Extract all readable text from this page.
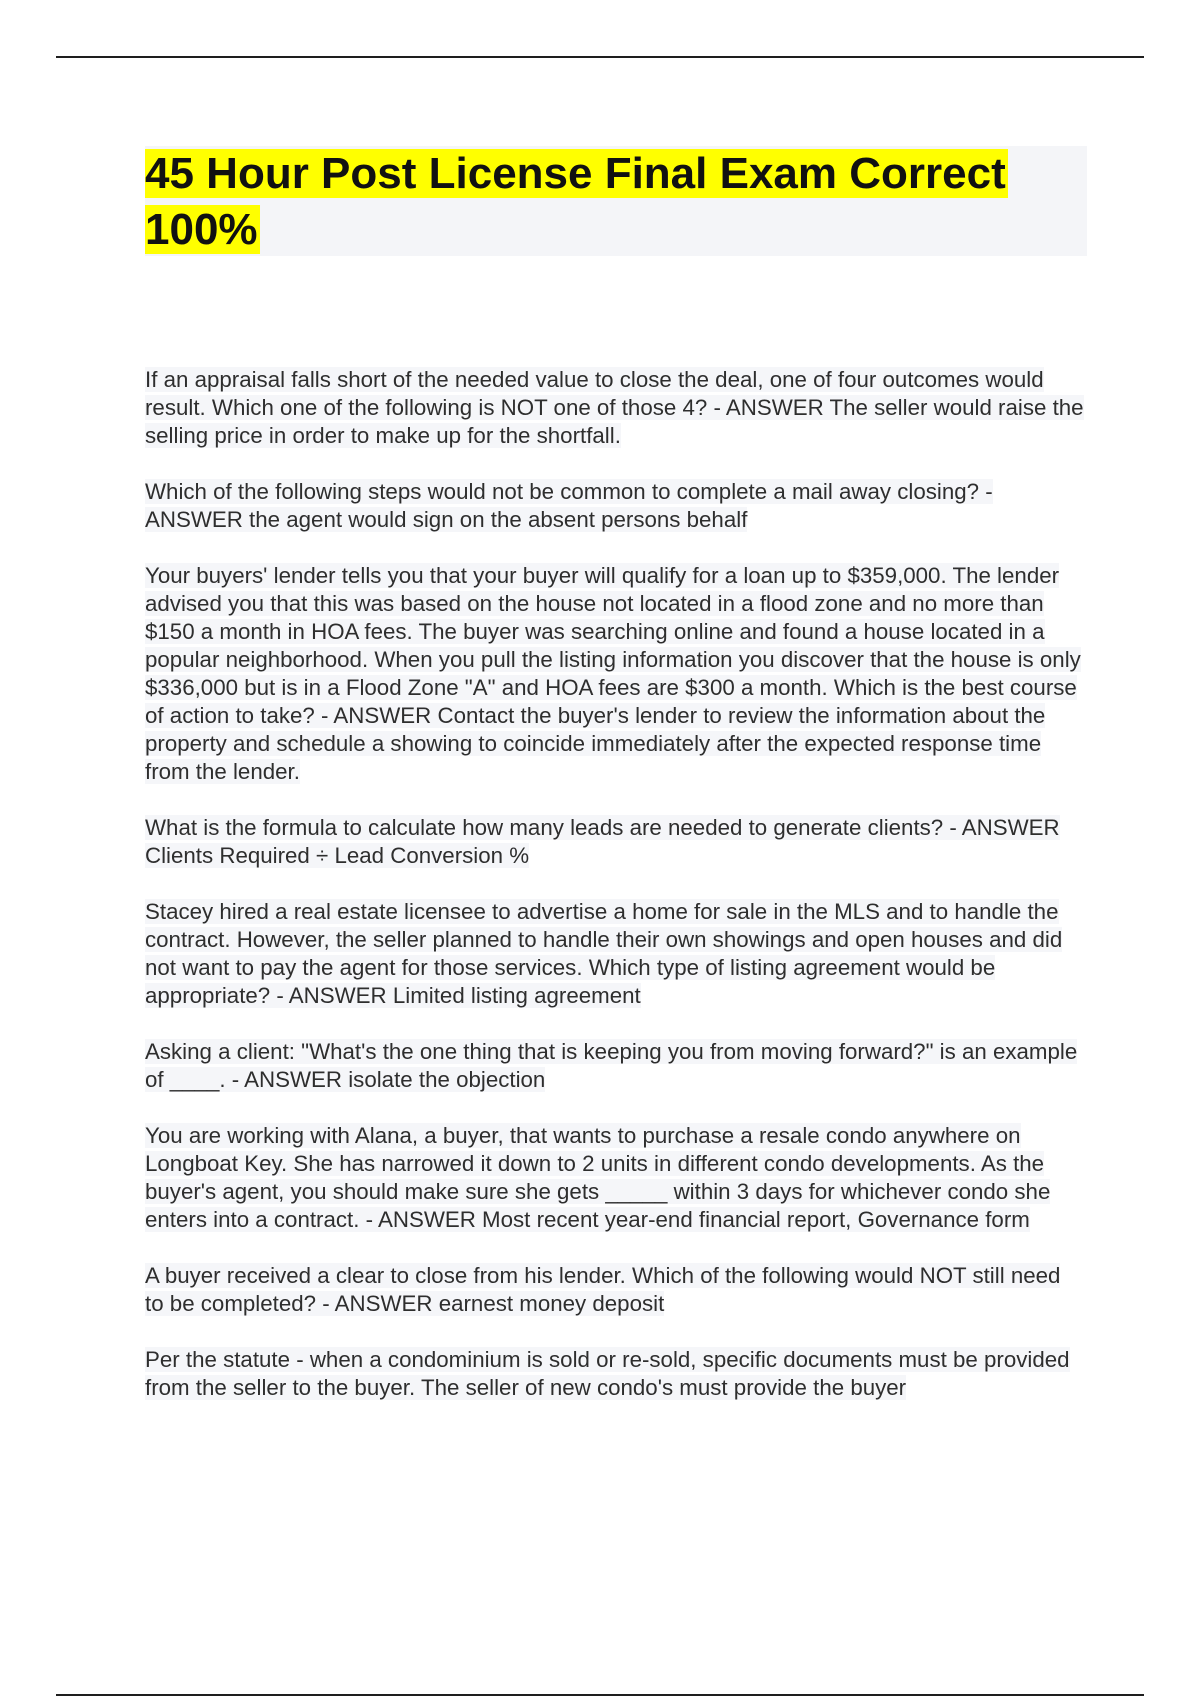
45 Hour Post License Final Exam Correct 100%

If an appraisal falls short of the needed value to close the deal, one of four outcomes would result. Which one of the following is NOT one of those 4? - ANSWER The seller would raise the selling price in order to make up for the shortfall.

Which of the following steps would not be common to complete a mail away closing? - ANSWER the agent would sign on the absent persons behalf

Your buyers' lender tells you that your buyer will qualify for a loan up to $359,000. The lender advised you that this was based on the house not located in a flood zone and no more than $150 a month in HOA fees. The buyer was searching online and found a house located in a popular neighborhood. When you pull the listing information you discover that the house is only $336,000 but is in a Flood Zone "A" and HOA fees are $300 a month. Which is the best course of action to take? - ANSWER Contact the buyer's lender to review the information about the property and schedule a showing to coincide immediately after the expected response time from the lender.

What is the formula to calculate how many leads are needed to generate clients? - ANSWER Clients Required ÷ Lead Conversion %

Stacey hired a real estate licensee to advertise a home for sale in the MLS and to handle the contract. However, the seller planned to handle their own showings and open houses and did not want to pay the agent for those services. Which type of listing agreement would be appropriate? - ANSWER Limited listing agreement

Asking a client: "What's the one thing that is keeping you from moving forward?" is an example of ____. - ANSWER isolate the objection

You are working with Alana, a buyer, that wants to purchase a resale condo anywhere on Longboat Key. She has narrowed it down to 2 units in different condo developments. As the buyer's agent, you should make sure she gets _____ within 3 days for whichever condo she enters into a contract. - ANSWER Most recent year-end financial report, Governance form

A buyer received a clear to close from his lender. Which of the following would NOT still need to be completed? - ANSWER earnest money deposit

Per the statute - when a condominium is sold or re-sold, specific documents must be provided from the seller to the buyer. The seller of new condo's must provide the buyer
